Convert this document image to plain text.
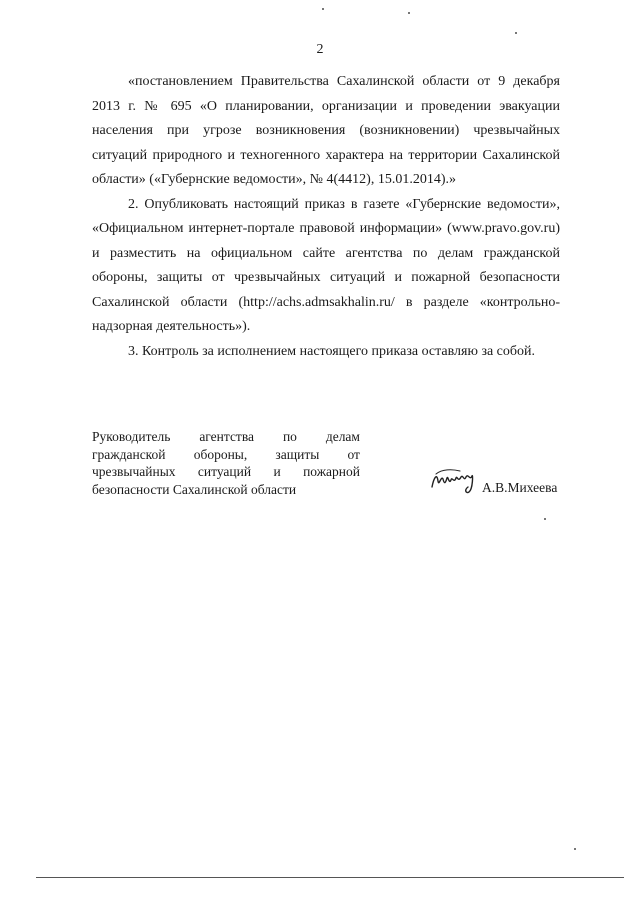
2

«постановлением Правительства Сахалинской области от 9 декабря 2013 г. № 695 «О планировании, организации и проведении эвакуации населения при угрозе возникновения (возникновении) чрезвычайных ситуаций природного и техногенного характера на территории Сахалинской области» («Губернские ведомости», № 4(4412), 15.01.2014).»

2. Опубликовать настоящий приказ в газете «Губернские ведомости», «Официальном интернет-портале правовой информации» (www.pravo.gov.ru) и разместить на официальном сайте агентства по делам гражданской обороны, защиты от чрезвычайных ситуаций и пожарной безопасности Сахалинской области (http://achs.admsakhalin.ru/ в разделе «контрольно-надзорная деятельность»).

3. Контроль за исполнением настоящего приказа оставляю за собой.

Руководитель агентства по делам
гражданской обороны, защиты от
чрезвычайных ситуаций и пожарной
безопасности Сахалинской области	А.В.Михеева
